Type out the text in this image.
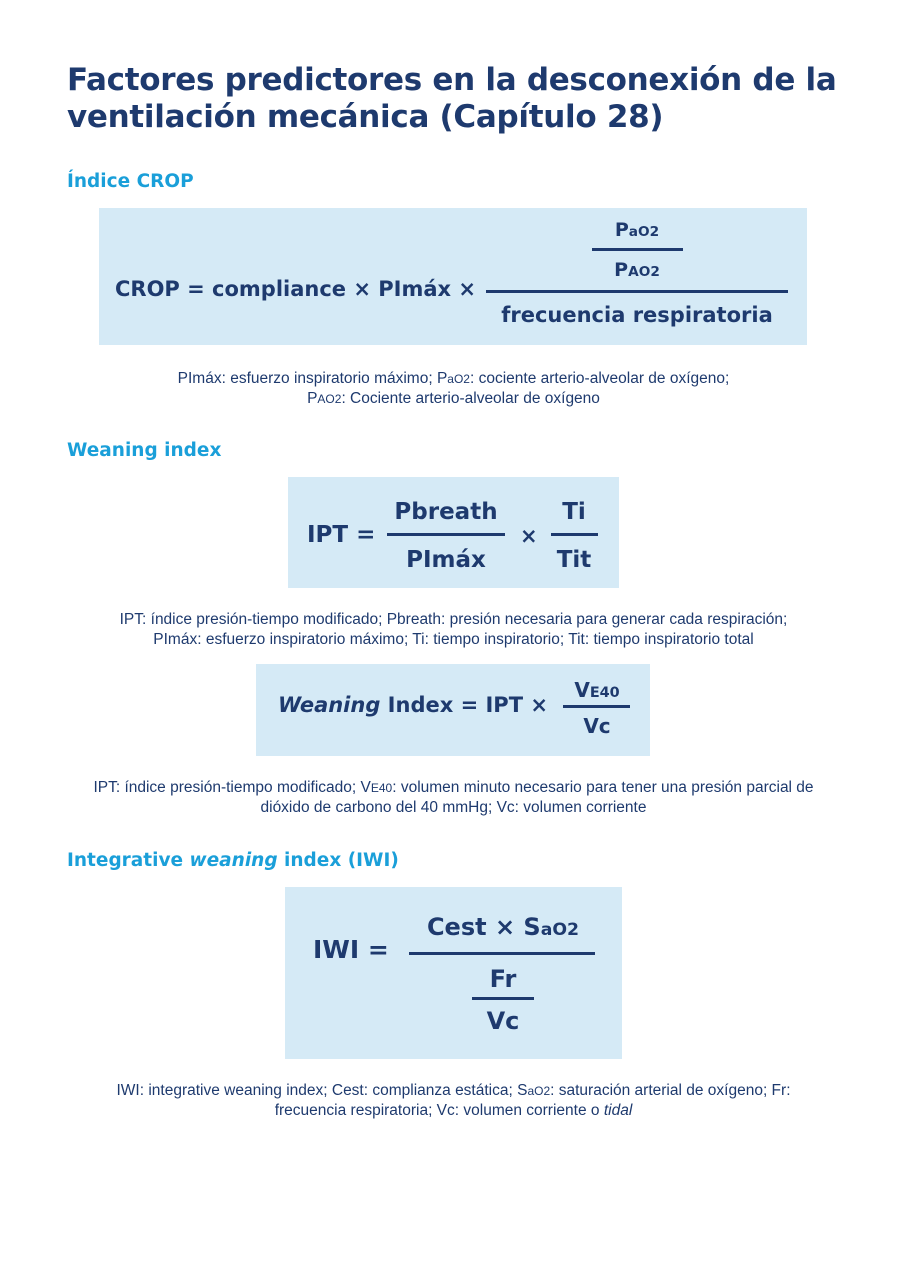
Factores predictores en la desconexión de la
ventilación mecánica (Capítulo 28)
Índice CROP
CROP = compliance × PImáx ×
PaO2
PAO2
frecuencia respiratoria
PImáx: esfuerzo inspiratorio máximo; PaO2: cociente arterio-alveolar de oxígeno;
PAO2: Cociente arterio-alveolar de oxígeno
Weaning index
IPT =
Pbreath
PImáx
×
Ti
Tit
IPT: índice presión-tiempo modificado; Pbreath: presión necesaria para generar cada respiración;
PImáx: esfuerzo inspiratorio máximo; Ti: tiempo inspiratorio; Tit: tiempo inspiratorio total
Weaning Index = IPT ×
VE40
Vc
IPT: índice presión-tiempo modificado; VE40: volumen minuto necesario para tener una presión parcial de
dióxido de carbono del 40 mmHg; Vc: volumen corriente
Integrative weaning index (IWI)
IWI =
Cest × SaO2
Fr
Vc
IWI: integrative weaning index; Cest: complianza estática; SaO2: saturación arterial de oxígeno; Fr:
frecuencia respiratoria; Vc: volumen corriente o tidal
